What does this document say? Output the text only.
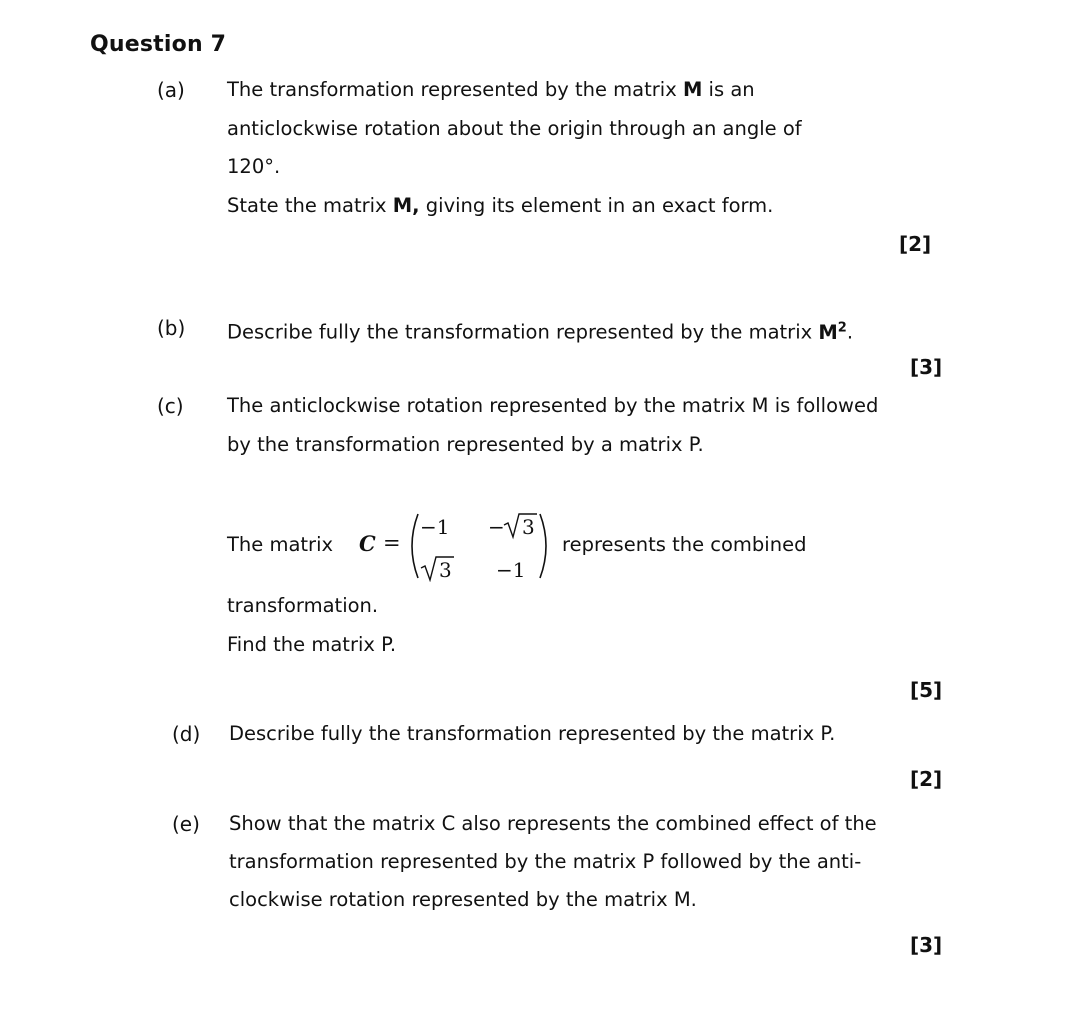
Question 7
(a) The transformation represented by the matrix M is an
anticlockwise rotation about the origin through an angle of
120°.
State the matrix M, giving its element in an exact form.
[2]
(b) Describe fully the transformation represented by the matrix $M^2$.
[3]
(c) The anticlockwise rotation represented by the matrix M is followed
by the transformation represented by a matrix P.
The matrix C =
−1 − 3
3 −1
represents the combined
transformation.
Find the matrix P.
[5]
(d) Describe fully the transformation represented by the matrix P.
[2]
(e) Show that the matrix C also represents the combined effect of the
transformation represented by the matrix P followed by the anti-
clockwise rotation represented by the matrix M.
[3]
